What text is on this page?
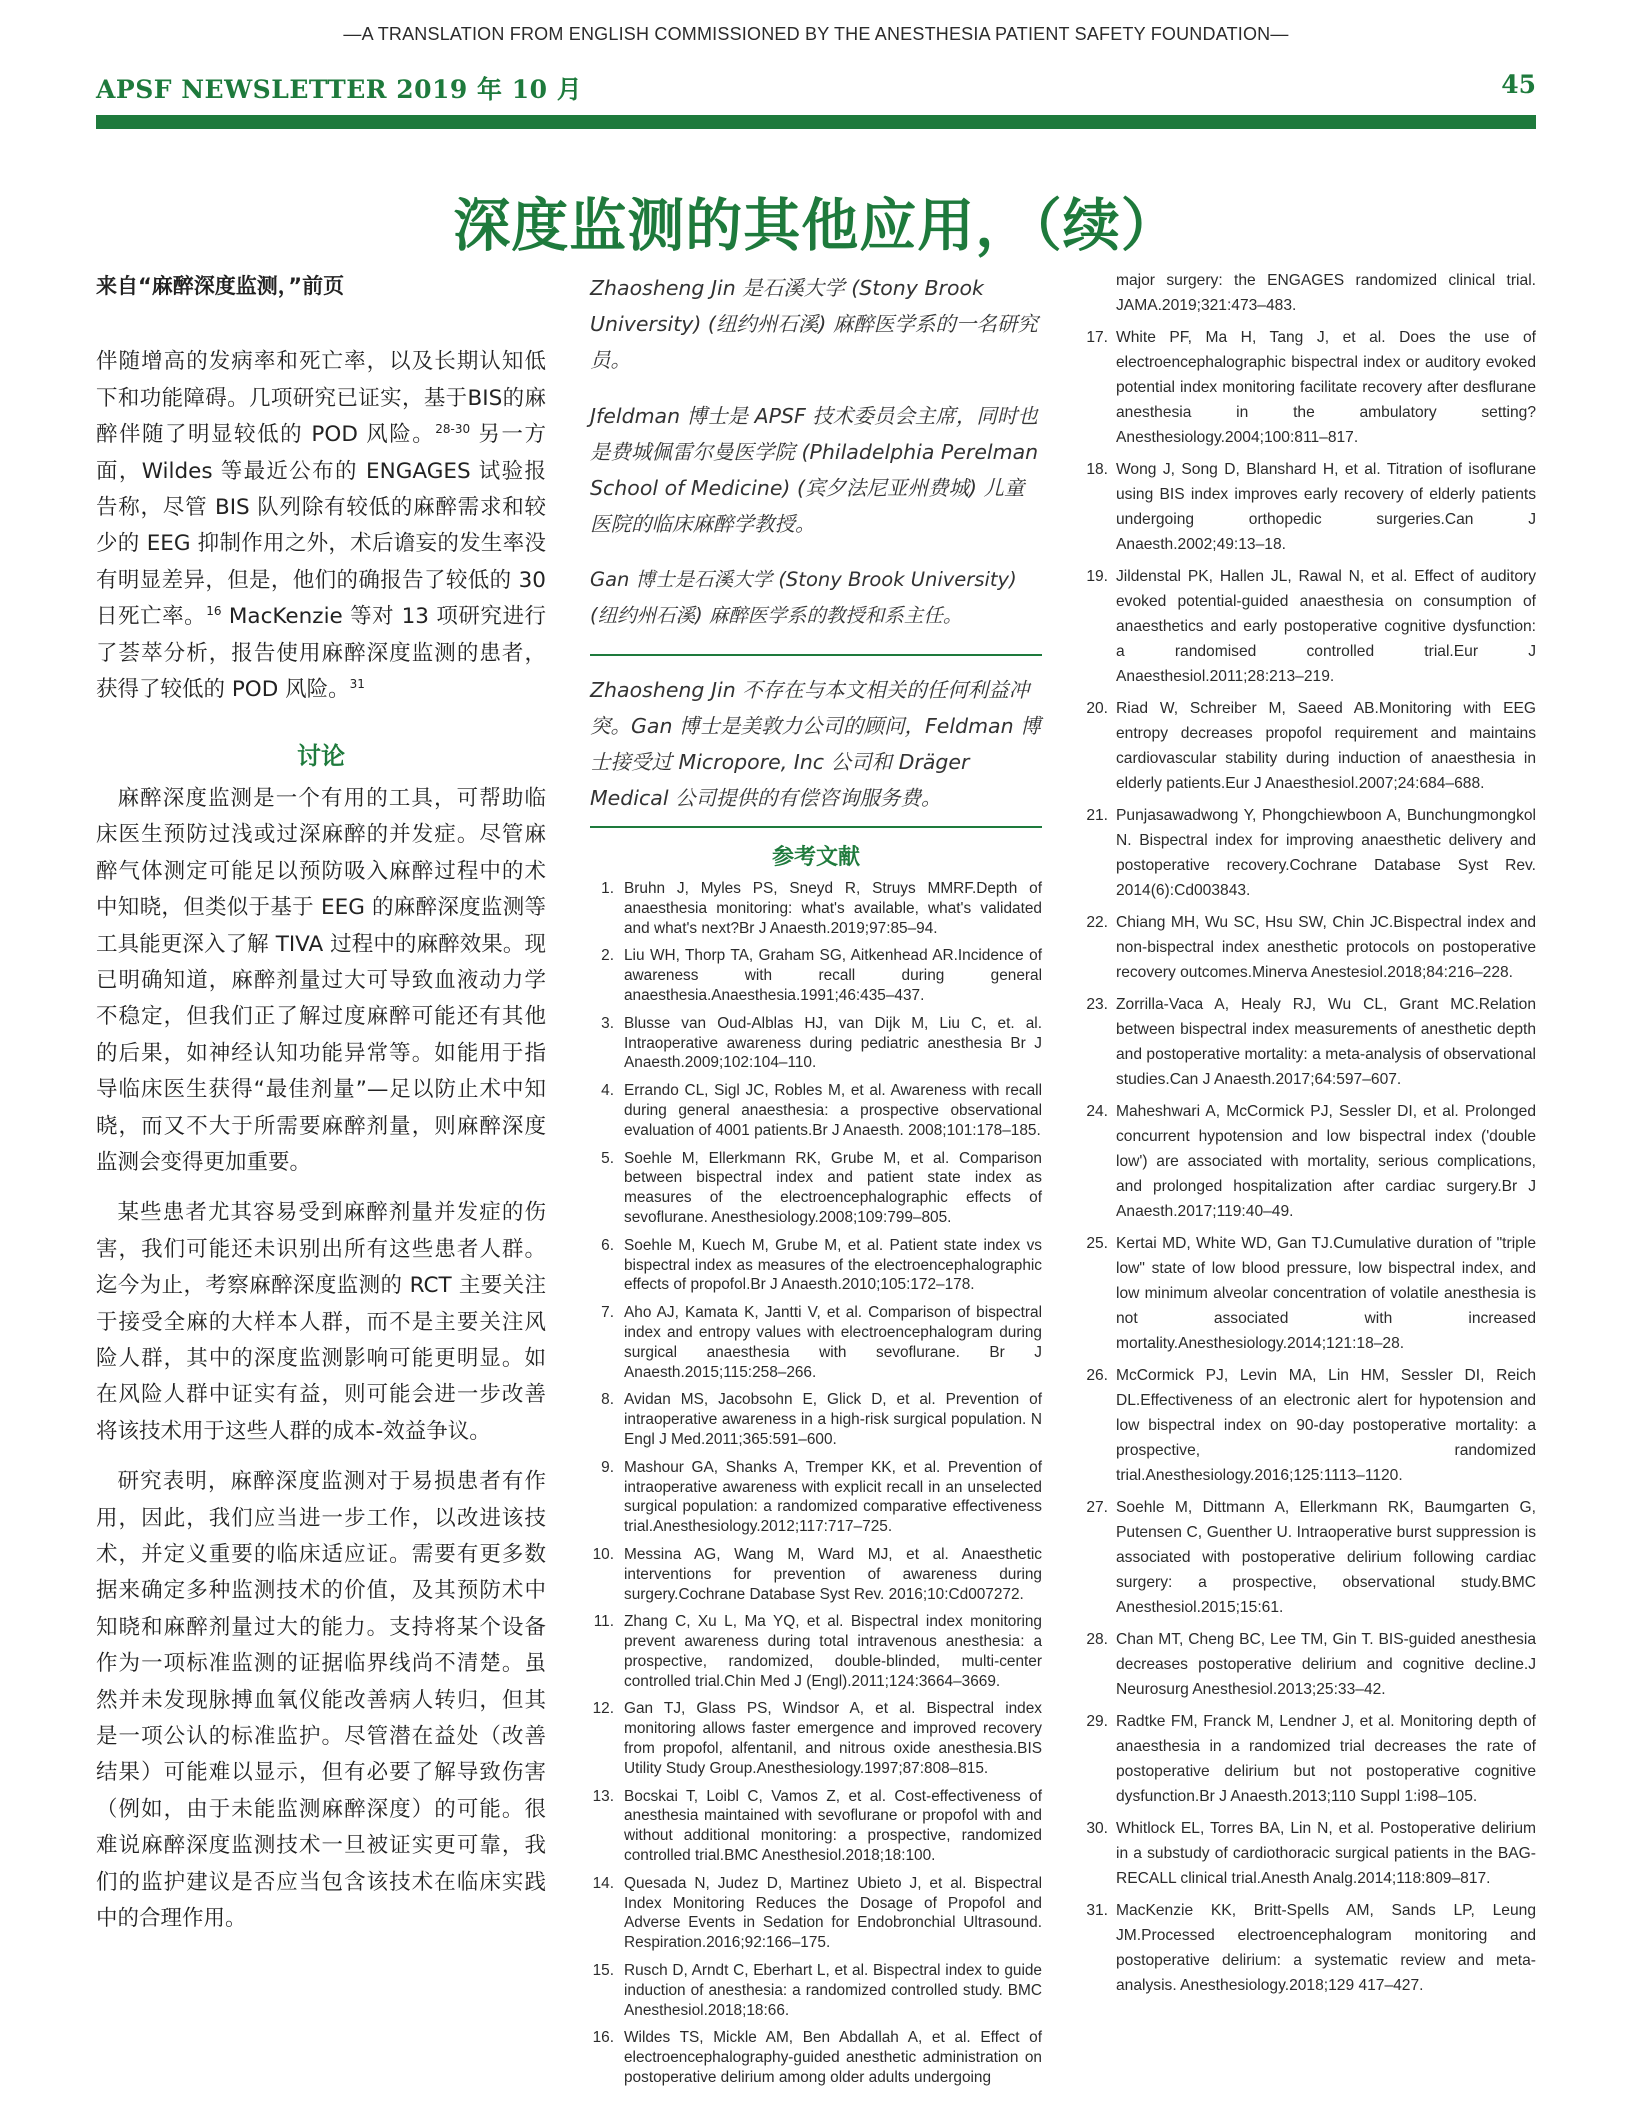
—A TRANSLATION FROM ENGLISH COMMISSIONED BY THE ANESTHESIA PATIENT SAFETY FOUNDATION—
APSF NEWSLETTER 2019 年 10 月	45
深度监测的其他应用，（续）
来自“麻醉深度监测，”前页

伴随增高的发病率和死亡率，以及长期认知低下和功能障碍。几项研究已证实，基于BIS的麻醉伴随了明显较低的 POD 风险。$^{28-30}$ 另一方面，Wildes 等最近公布的 ENGAGES 试验报告称，尽管 BIS 队列除有较低的麻醉需求和较少的 EEG 抑制作用之外，术后谵妄的发生率没有明显差异，但是，他们的确报告了较低的 30 日死亡率。$^{16}$ MacKenzie 等对 13 项研究进行了荟萃分析，报告使用麻醉深度监测的患者，获得了较低的 POD 风险。$^{31}$

讨论

麻醉深度监测是一个有用的工具，可帮助临床医生预防过浅或过深麻醉的并发症。尽管麻醉气体测定可能足以预防吸入麻醉过程中的术中知晓，但类似于基于 EEG 的麻醉深度监测等工具能更深入了解 TIVA 过程中的麻醉效果。现已明确知道，麻醉剂量过大可导致血液动力学不稳定，但我们正了解过度麻醉可能还有其他的后果，如神经认知功能异常等。如能用于指导临床医生获得“最佳剂量”—足以防止术中知晓，而又不大于所需要麻醉剂量，则麻醉深度监测会变得更加重要。

某些患者尤其容易受到麻醉剂量并发症的伤害，我们可能还未识别出所有这些患者人群。迄今为止，考察麻醉深度监测的 RCT 主要关注于接受全麻的大样本人群，而不是主要关注风险人群，其中的深度监测影响可能更明显。如在风险人群中证实有益，则可能会进一步改善将该技术用于这些人群的成本-效益争议。

研究表明，麻醉深度监测对于易损患者有作用，因此，我们应当进一步工作，以改进该技术，并定义重要的临床适应证。需要有更多数据来确定多种监测技术的价值，及其预防术中知晓和麻醉剂量过大的能力。支持将某个设备作为一项标准监测的证据临界线尚不清楚。虽然并未发现脉搏血氧仪能改善病人转归，但其是一项公认的标准监护。尽管潜在益处（改善结果）可能难以显示，但有必要了解导致伤害（例如，由于未能监测麻醉深度）的可能。很难说麻醉深度监测技术一旦被证实更可靠，我们的监护建议是否应当包含该技术在临床实践中的合理作用。

Zhaosheng Jin 是石溪大学 (Stony Brook University) (纽约州石溪) 麻醉医学系的一名研究员。

Jfeldman 博士是 APSF 技术委员会主席，同时也是费城佩雷尔曼医学院 (Philadelphia Perelman School of Medicine) (宾夕法尼亚州费城) 儿童医院的临床麻醉学教授。

Gan 博士是石溪大学 (Stony Brook University) (纽约州石溪) 麻醉医学系的教授和系主任。

Zhaosheng Jin 不存在与本文相关的任何利益冲突。Gan 博士是美敦力公司的顾问，Feldman 博士接受过 Micropore, Inc 公司和 Dräger Medical 公司提供的有偿咨询服务费。

参考文献
1. Bruhn J, Myles PS, Sneyd R, Struys MMRF.Depth of anaesthesia monitoring: what's available, what's validated and what's next?Br J Anaesth.2019;97:85–94.
2. Liu WH, Thorp TA, Graham SG, Aitkenhead AR.Incidence of awareness with recall during general anaesthesia.Anaesthesia.1991;46:435–437.
3. Blusse van Oud-Alblas HJ, van Dijk M, Liu C, et. al. Intraoperative awareness during pediatric anesthesia Br J Anaesth.2009;102:104–110.
4. Errando CL, Sigl JC, Robles M, et al. Awareness with recall during general anaesthesia: a prospective observational evaluation of 4001 patients.Br J Anaesth. 2008;101:178–185.
5. Soehle M, Ellerkmann RK, Grube M, et al. Comparison between bispectral index and patient state index as measures of the electroencephalographic effects of sevoflurane. Anesthesiology.2008;109:799–805.
6. Soehle M, Kuech M, Grube M, et al. Patient state index vs bispectral index as measures of the electroencephalographic effects of propofol.Br J Anaesth.2010;105:172–178.
7. Aho AJ, Kamata K, Jantti V, et al. Comparison of bispectral index and entropy values with electroencephalogram during surgical anaesthesia with sevoflurane. Br J Anaesth.2015;115:258–266.
8. Avidan MS, Jacobsohn E, Glick D, et al. Prevention of intraoperative awareness in a high-risk surgical population. N Engl J Med.2011;365:591–600.
9. Mashour GA, Shanks A, Tremper KK, et al. Prevention of intraoperative awareness with explicit recall in an unselected surgical population: a randomized comparative effectiveness trial.Anesthesiology.2012;117:717–725.
10. Messina AG, Wang M, Ward MJ, et al. Anaesthetic interventions for prevention of awareness during surgery.Cochrane Database Syst Rev. 2016;10:Cd007272.
11. Zhang C, Xu L, Ma YQ, et al. Bispectral index monitoring prevent awareness during total intravenous anesthesia: a prospective, randomized, double-blinded, multi-center controlled trial.Chin Med J (Engl).2011;124:3664–3669.
12. Gan TJ, Glass PS, Windsor A, et al. Bispectral index monitoring allows faster emergence and improved recovery from propofol, alfentanil, and nitrous oxide anesthesia.BIS Utility Study Group.Anesthesiology.1997;87:808–815.
13. Bocskai T, Loibl C, Vamos Z, et al. Cost-effectiveness of anesthesia maintained with sevoflurane or propofol with and without additional monitoring: a prospective, randomized controlled trial.BMC Anesthesiol.2018;18:100.
14. Quesada N, Judez D, Martinez Ubieto J, et al. Bispectral Index Monitoring Reduces the Dosage of Propofol and Adverse Events in Sedation for Endobronchial Ultrasound. Respiration.2016;92:166–175.
15. Rusch D, Arndt C, Eberhart L, et al. Bispectral index to guide induction of anesthesia: a randomized controlled study. BMC Anesthesiol.2018;18:66.
16. Wildes TS, Mickle AM, Ben Abdallah A, et al. Effect of electroencephalography-guided anesthetic administration on postoperative delirium among older adults undergoing
major surgery: the ENGAGES randomized clinical trial. JAMA.2019;321:473–483.
17. White PF, Ma H, Tang J, et al. Does the use of electroencephalographic bispectral index or auditory evoked potential index monitoring facilitate recovery after desflurane anesthesia in the ambulatory setting?Anesthesiology.2004;100:811–817.
18. Wong J, Song D, Blanshard H, et al. Titration of isoflurane using BIS index improves early recovery of elderly patients undergoing orthopedic surgeries.Can J Anaesth.2002;49:13–18.
19. Jildenstal PK, Hallen JL, Rawal N, et al. Effect of auditory evoked potential-guided anaesthesia on consumption of anaesthetics and early postoperative cognitive dysfunction: a randomised controlled trial.Eur J Anaesthesiol.2011;28:213–219.
20. Riad W, Schreiber M, Saeed AB.Monitoring with EEG entropy decreases propofol requirement and maintains cardiovascular stability during induction of anaesthesia in elderly patients.Eur J Anaesthesiol.2007;24:684–688.
21. Punjasawadwong Y, Phongchiewboon A, Bunchungmongkol N. Bispectral index for improving anaesthetic delivery and postoperative recovery.Cochrane Database Syst Rev. 2014(6):Cd003843.
22. Chiang MH, Wu SC, Hsu SW, Chin JC.Bispectral index and non-bispectral index anesthetic protocols on postoperative recovery outcomes.Minerva Anestesiol.2018;84:216–228.
23. Zorrilla-Vaca A, Healy RJ, Wu CL, Grant MC.Relation between bispectral index measurements of anesthetic depth and postoperative mortality: a meta-analysis of observational studies.Can J Anaesth.2017;64:597–607.
24. Maheshwari A, McCormick PJ, Sessler DI, et al. Prolonged concurrent hypotension and low bispectral index ('double low') are associated with mortality, serious complications, and prolonged hospitalization after cardiac surgery.Br J Anaesth.2017;119:40–49.
25. Kertai MD, White WD, Gan TJ.Cumulative duration of "triple low" state of low blood pressure, low bispectral index, and low minimum alveolar concentration of volatile anesthesia is not associated with increased mortality.Anesthesiology.2014;121:18–28.
26. McCormick PJ, Levin MA, Lin HM, Sessler DI, Reich DL.Effectiveness of an electronic alert for hypotension and low bispectral index on 90-day postoperative mortality: a prospective, randomized trial.Anesthesiology.2016;125:1113–1120.
27. Soehle M, Dittmann A, Ellerkmann RK, Baumgarten G, Putensen C, Guenther U. Intraoperative burst suppression is associated with postoperative delirium following cardiac surgery: a prospective, observational study.BMC Anesthesiol.2015;15:61.
28. Chan MT, Cheng BC, Lee TM, Gin T. BIS-guided anesthesia decreases postoperative delirium and cognitive decline.J Neurosurg Anesthesiol.2013;25:33–42.
29. Radtke FM, Franck M, Lendner J, et al. Monitoring depth of anaesthesia in a randomized trial decreases the rate of postoperative delirium but not postoperative cognitive dysfunction.Br J Anaesth.2013;110 Suppl 1:i98–105.
30. Whitlock EL, Torres BA, Lin N, et al. Postoperative delirium in a substudy of cardiothoracic surgical patients in the BAG-RECALL clinical trial.Anesth Analg.2014;118:809–817.
31. MacKenzie KK, Britt-Spells AM, Sands LP, Leung JM.Processed electroencephalogram monitoring and postoperative delirium: a systematic review and meta-analysis. Anesthesiology.2018;129 417–427.
